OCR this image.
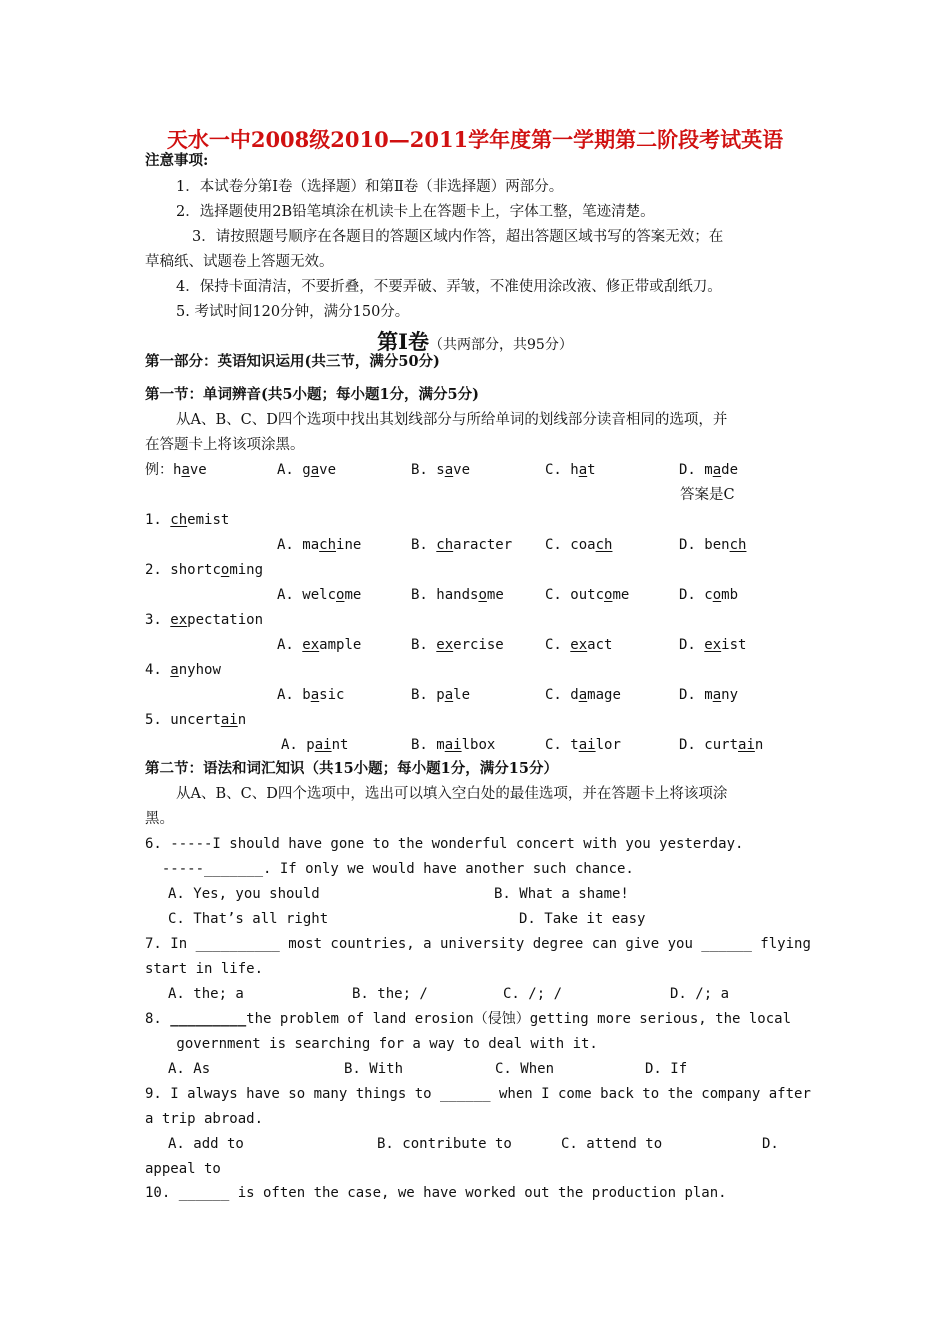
天水一中2008级2010—2011学年度第一学期第二阶段考试英语
注意事项:
1．本试卷分第Ⅰ卷（选择题）和第Ⅱ卷（非选择题）两部分。
2．选择题使用2B铅笔填涂在机读卡上在答题卡上，字体工整，笔迹清楚。
3．请按照题号顺序在各题目的答题区域内作答，超出答题区域书写的答案无效；在
草稿纸、试题卷上答题无效。
4．保持卡面清洁，不要折叠，不要弄破、弄皱，不准使用涂改液、修正带或刮纸刀。
5. 考试时间120分钟，满分150分。
第Ⅰ卷（共两部分，共95分）
第一部分：英语知识运用(共三节，满分50分)
第一节：单词辨音(共5小题；每小题1分，满分5分)
从A、B、C、D四个选项中找出其划线部分与所给单词的划线部分读音相同的选项，并
在答题卡上将该项涂黑。
例：have	A. gave	B. save	C. hat	D. made
答案是C
1. chemist
A. machine	B. character C. coach	D. bench
2. shortcoming
A. welcome	B. handsome	C. outcome	D. comb
3. expectation
A. example	B. exercise	C. exact	D. exist
4. anyhow
A. basic	B. pale	C. damage	D. many
5. uncertain
A. paint	B. mailbox	C. tailor	D. curtain
第二节：语法和词汇知识（共15小题；每小题1分，满分15分）
从A、B、C、D四个选项中，选出可以填入空白处的最佳选项，并在答题卡上将该项涂
黑。
6. -----I should have gone to the wonderful concert with you yesterday.
-----_______. If only we would have another such chance.
A. Yes, you should	B. What a shame!
C. That’s all right	D. Take it easy
7. In __________ most countries, a university degree can give you ______ flying
start in life.
A. the; a	B. the; /	C. /; /	D. /; a
8. _________the problem of land erosion（侵蚀）getting more serious, the local
government is searching for a way to deal with it.
A. As	B. With	C. When	D. If
9. I always have so many things to ______ when I come back to the company after
a trip abroad.
A. add to	B. contribute to	C. attend to	D.
appeal to
10. ______ is often the case, we have worked out the production plan.
